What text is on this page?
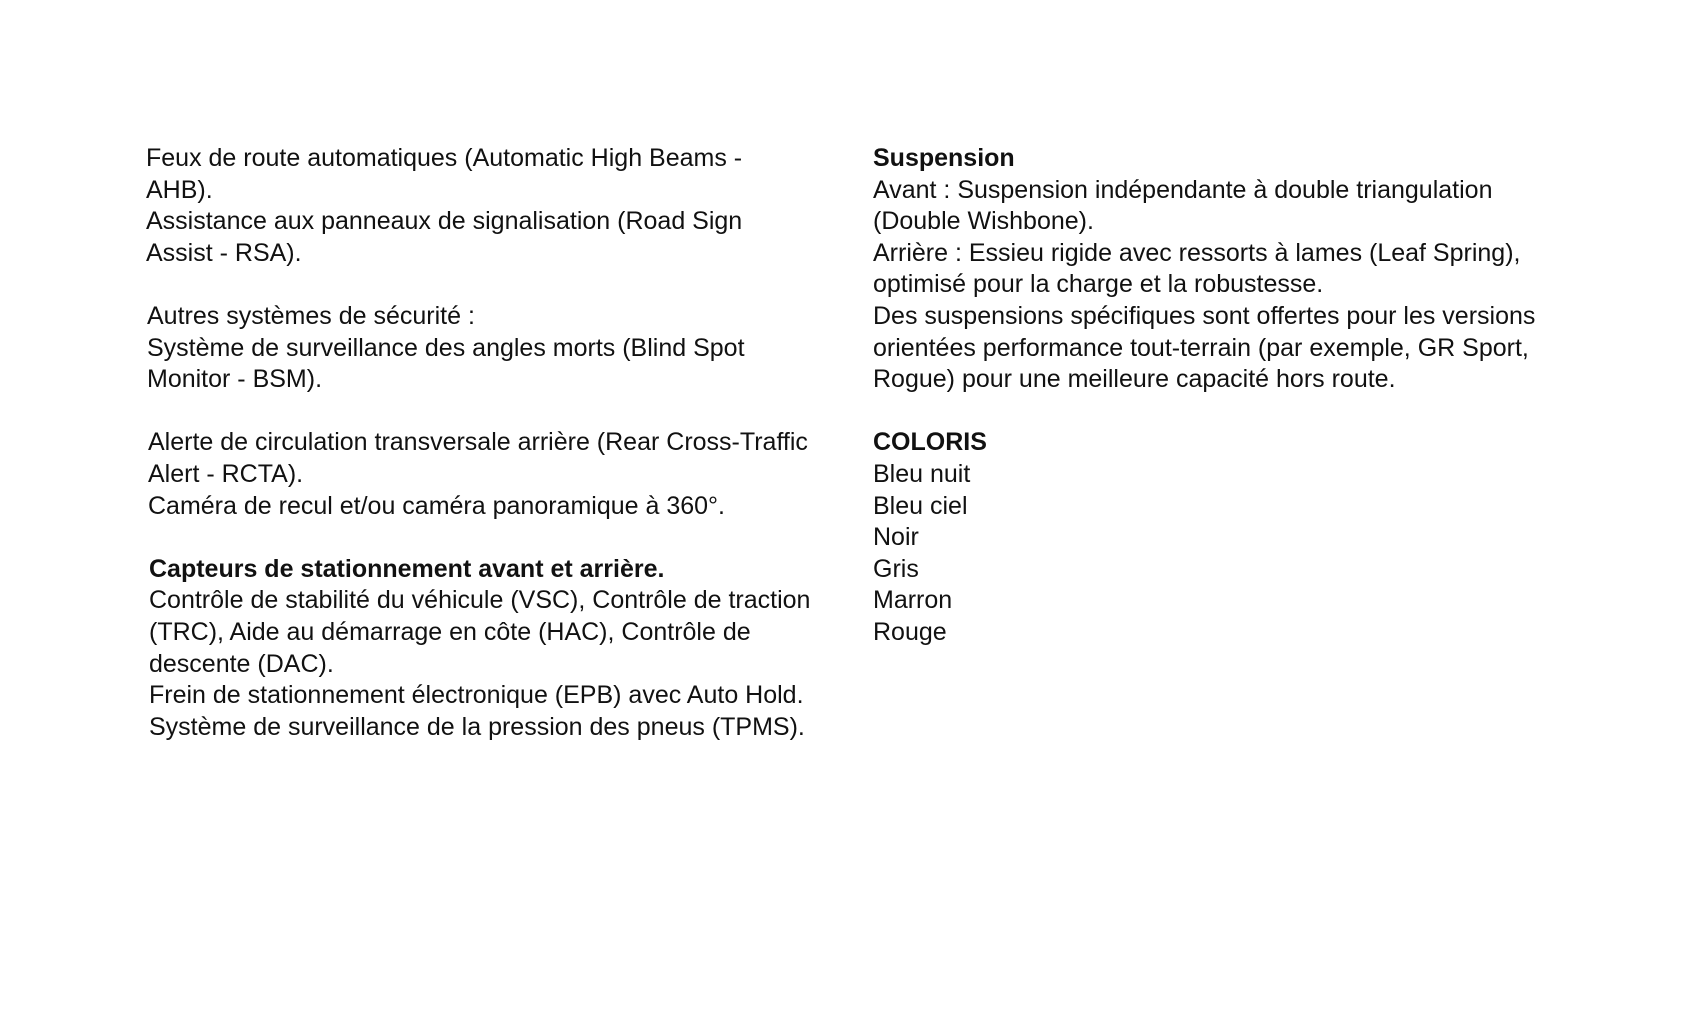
Feux de route automatiques (Automatic High Beams -
AHB).
Assistance aux panneaux de signalisation (Road Sign
Assist - RSA).
Autres systèmes de sécurité :
Système de surveillance des angles morts (Blind Spot
Monitor - BSM).
Alerte de circulation transversale arrière (Rear Cross-Traffic
Alert - RCTA).
Caméra de recul et/ou caméra panoramique à 360°.
Capteurs de stationnement avant et arrière.
Contrôle de stabilité du véhicule (VSC), Contrôle de traction
(TRC), Aide au démarrage en côte (HAC), Contrôle de
descente (DAC).
Frein de stationnement électronique (EPB) avec Auto Hold.
Système de surveillance de la pression des pneus (TPMS).
Suspension
Avant : Suspension indépendante à double triangulation
(Double Wishbone).
Arrière : Essieu rigide avec ressorts à lames (Leaf Spring),
optimisé pour la charge et la robustesse.
Des suspensions spécifiques sont offertes pour les versions
orientées performance tout-terrain (par exemple, GR Sport,
Rogue) pour une meilleure capacité hors route.
COLORIS
Bleu nuit
Bleu ciel
Noir
Gris
Marron
Rouge
